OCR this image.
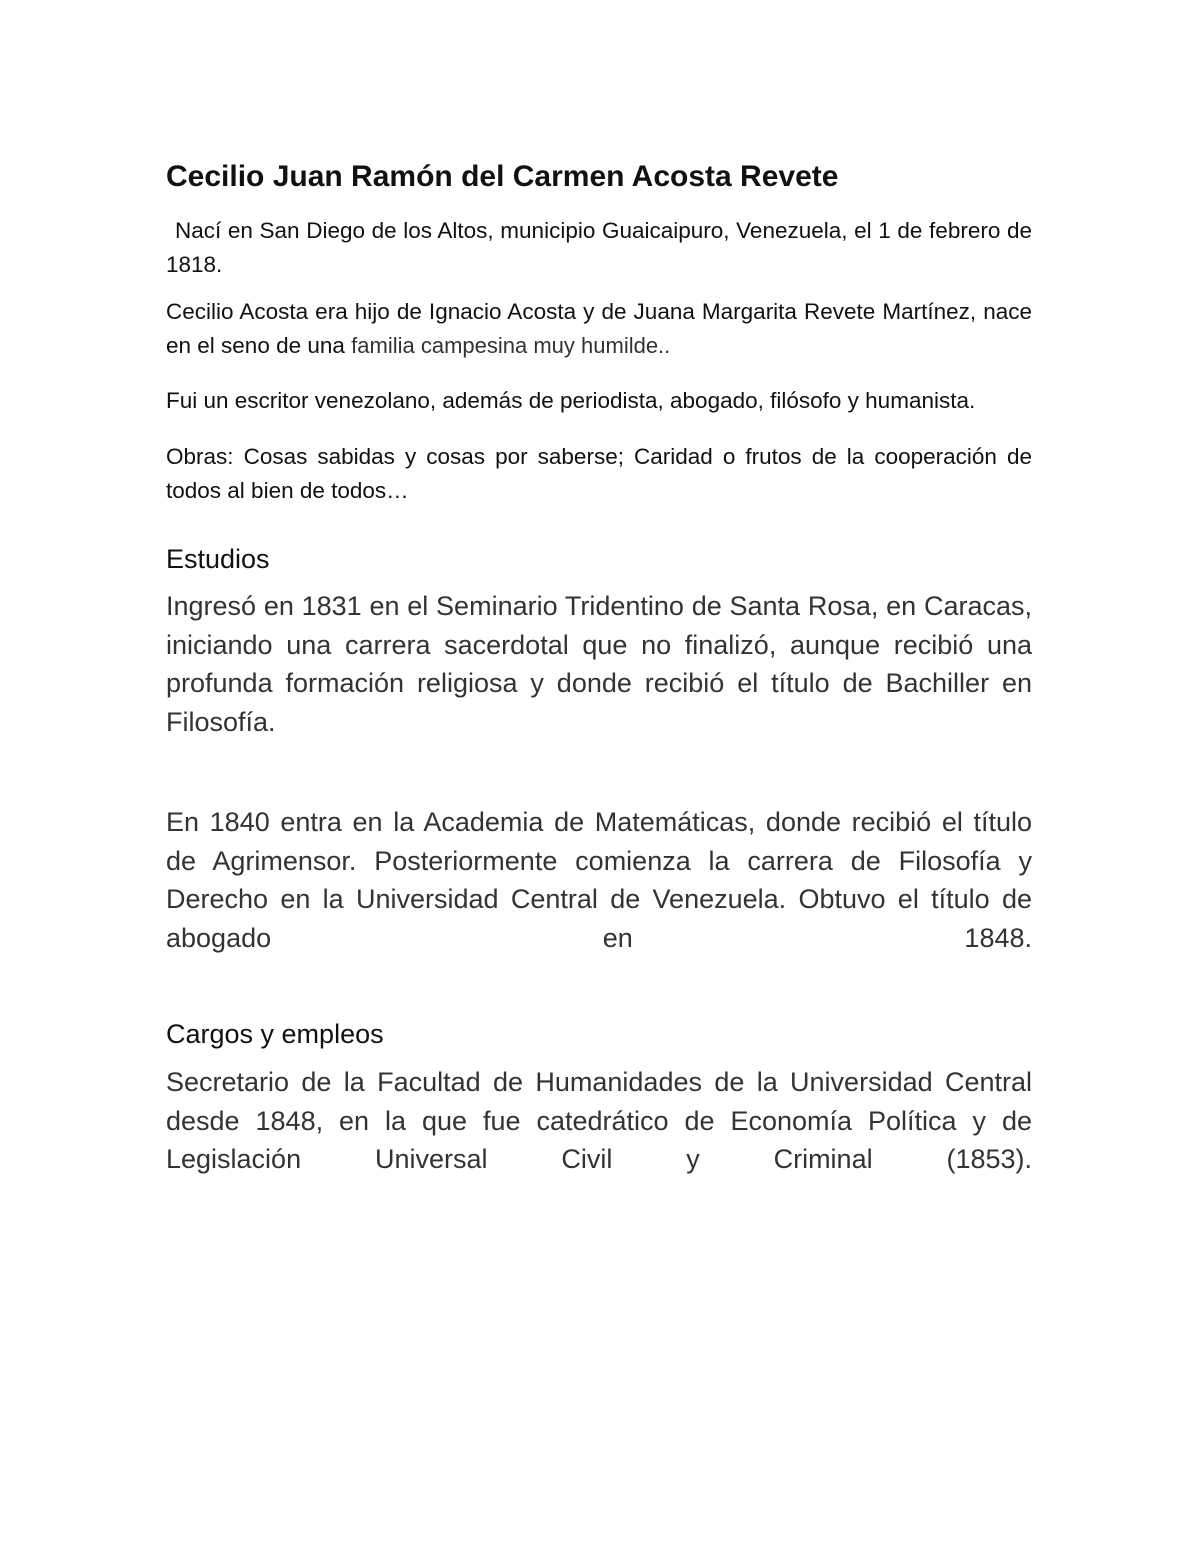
Cecilio Juan Ramón del Carmen Acosta Revete

Nací en San Diego de los Altos, municipio Guaicaipuro, Venezuela, el 1 de febrero de 1818.

Cecilio Acosta era hijo de Ignacio Acosta y de Juana Margarita Revete Martínez, nace en el seno de una familia campesina muy humilde..

Fui un escritor venezolano, además de periodista, abogado, filósofo y humanista.

Obras: Cosas sabidas y cosas por saberse; Caridad o frutos de la cooperación de todos al bien de todos…

Estudios

Ingresó en 1831 en el Seminario Tridentino de Santa Rosa, en Caracas, iniciando una carrera sacerdotal que no finalizó, aunque recibió una profunda formación religiosa y donde recibió el título de Bachiller en Filosofía.

En 1840 entra en la Academia de Matemáticas, donde recibió el título de Agrimensor. Posteriormente comienza la carrera de Filosofía y Derecho en la Universidad Central de Venezuela. Obtuvo el título de abogado en 1848.

Cargos y empleos

Secretario de la Facultad de Humanidades de la Universidad Central desde 1848, en la que fue catedrático de Economía Política y de Legislación Universal Civil y Criminal (1853).
